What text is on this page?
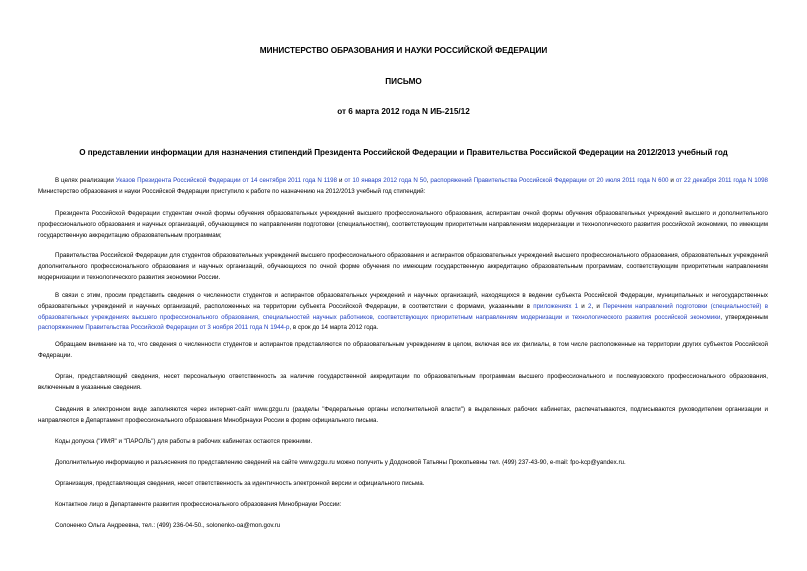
МИНИСТЕРСТВО ОБРАЗОВАНИЯ И НАУКИ РОССИЙСКОЙ ФЕДЕРАЦИИ
ПИСЬМО
от 6 марта 2012 года N ИБ-215/12
О представлении информации для назначения стипендий Президента Российской Федерации и Правительства Российской Федерации на 2012/2013 учебный год

В целях реализации Указов Президента Российской Федерации от 14 сентября 2011 года N 1198 и от 10 января 2012 года N 50, распоряжений Правительства Российской Федерации от 20 июля 2011 года N 600 и от 22 декабря 2011 года N 1098 Министерство образования и науки Российской Федерации приступило к работе по назначению на 2012/2013 учебный год стипендий:

Президента Российской Федерации студентам очной формы обучения образовательных учреждений высшего профессионального образования, аспирантам очной формы обучения образовательных учреждений высшего и дополнительного профессионального образования и научных организаций, обучающимся по направлениям подготовки (специальностям), соответствующим приоритетным направлениям модернизации и технологического развития российской экономики, по имеющим государственную аккредитацию образовательным программам;

Правительства Российской Федерации для студентов образовательных учреждений высшего профессионального образования и аспирантов образовательных учреждений высшего профессионального образования, образовательных учреждений дополнительного профессионального образования и научных организаций, обучающихся по очной форме обучения по имеющим государственную аккредитацию образовательным программам, соответствующим приоритетным направлениям модернизации и технологического развития экономики России.

В связи с этим, просим представить сведения о численности студентов и аспирантов образовательных учреждений и научных организаций, находящихся в ведении субъекта Российской Федерации, муниципальных и негосударственных образовательных учреждений и научных организаций, расположенных на территории субъекта Российской Федерации, в соответствии с формами, указанными в приложениях 1 и 2, и Перечнем направлений подготовки (специальностей) в образовательных учреждениях высшего профессионального образования, специальностей научных работников, соответствующих приоритетным направлениям модернизации и технологического развития российской экономики, утвержденным распоряжением Правительства Российской Федерации от 3 ноября 2011 года N 1944-р, в срок до 14 марта 2012 года.

Обращаем внимание на то, что сведения о численности студентов и аспирантов представляются по образовательным учреждениям в целом, включая все их филиалы, в том числе расположенные на территории других субъектов Российской Федерации.

Орган, представляющий сведения, несет персональную ответственность за наличие государственной аккредитации по образовательным программам высшего профессионального и послевузовского профессионального образования, включенным в указанные сведения.

Сведения в электронном виде заполняются через интернет-сайт www.gzgu.ru (разделы "Федеральные органы исполнительной власти") в выделенных рабочих кабинетах, распечатываются, подписываются руководителем организации и направляются в Департамент профессионального образования Минобрнауки России в форме официального письма.

Коды допуска ("ИМЯ" и "ПАРОЛЬ") для работы в рабочих кабинетах остаются прежними.

Дополнительную информацию и разъяснения по представлению сведений на сайте www.gzgu.ru можно получить у Додоновой Татьяны Прокопьевны тел. (499) 237-43-90, e-mail: fpo-kcp@yandex.ru.

Организация, представляющая сведения, несет ответственность за идентичность электронной версии и официального письма.

Контактное лицо в Департаменте развития профессионального образования Минобрнауки России:

Солоненко Ольга Андреевна, тел.: (499) 236-04-50., solonenko-oa@mon.gov.ru
